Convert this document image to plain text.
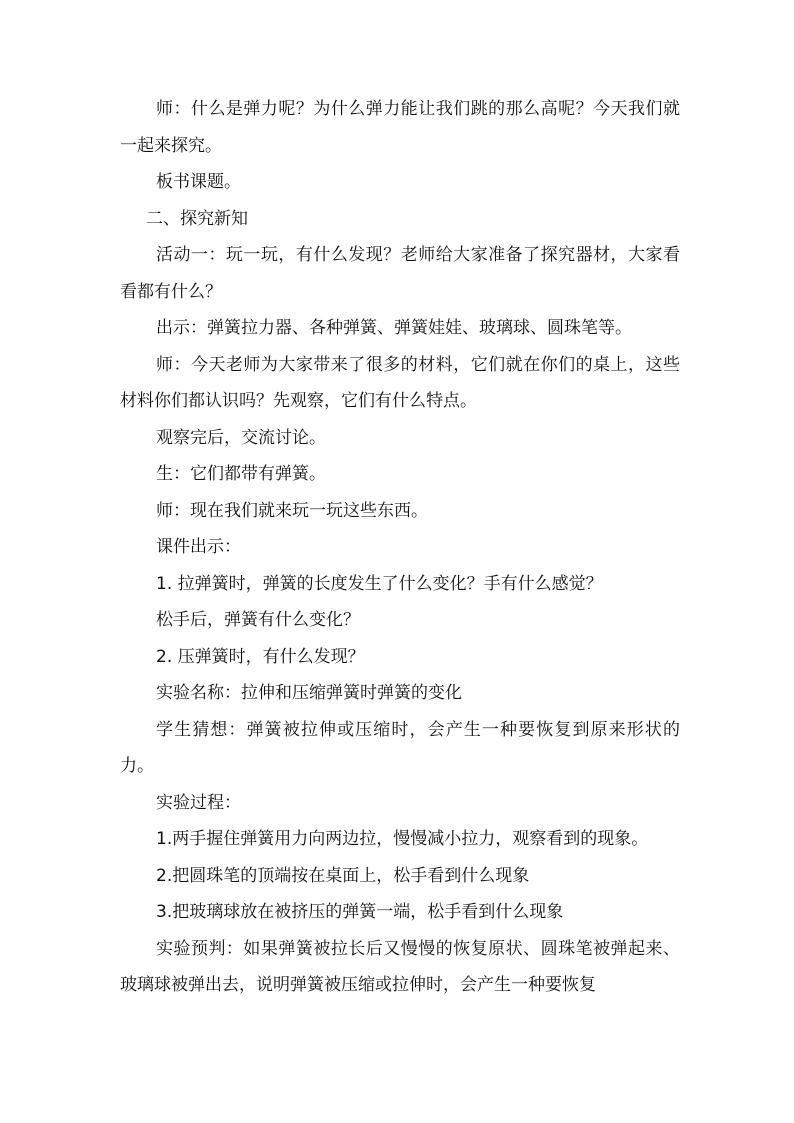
师：什么是弹力呢？为什么弹力能让我们跳的那么高呢？今天我们就一起来探究。

板书课题。

二、探究新知

活动一：玩一玩，有什么发现？老师给大家准备了探究器材，大家看看都有什么？

出示：弹簧拉力器、各种弹簧、弹簧娃娃、玻璃球、圆珠笔等。

师：今天老师为大家带来了很多的材料，它们就在你们的桌上，这些材料你们都认识吗？先观察，它们有什么特点。

观察完后，交流讨论。

生：它们都带有弹簧。

师：现在我们就来玩一玩这些东西。

课件出示：

1. 拉弹簧时，弹簧的长度发生了什么变化？手有什么感觉？

松手后，弹簧有什么变化？

2. 压弹簧时，有什么发现？

实验名称：拉伸和压缩弹簧时弹簧的变化

学生猜想：弹簧被拉伸或压缩时，会产生一种要恢复到原来形状的力。

实验过程：

1.两手握住弹簧用力向两边拉，慢慢减小拉力，观察看到的现象。

2.把圆珠笔的顶端按在桌面上，松手看到什么现象

3.把玻璃球放在被挤压的弹簧一端，松手看到什么现象

实验预判：如果弹簧被拉长后又慢慢的恢复原状、圆珠笔被弹起来、玻璃球被弹出去，说明弹簧被压缩或拉伸时，会产生一种要恢复
